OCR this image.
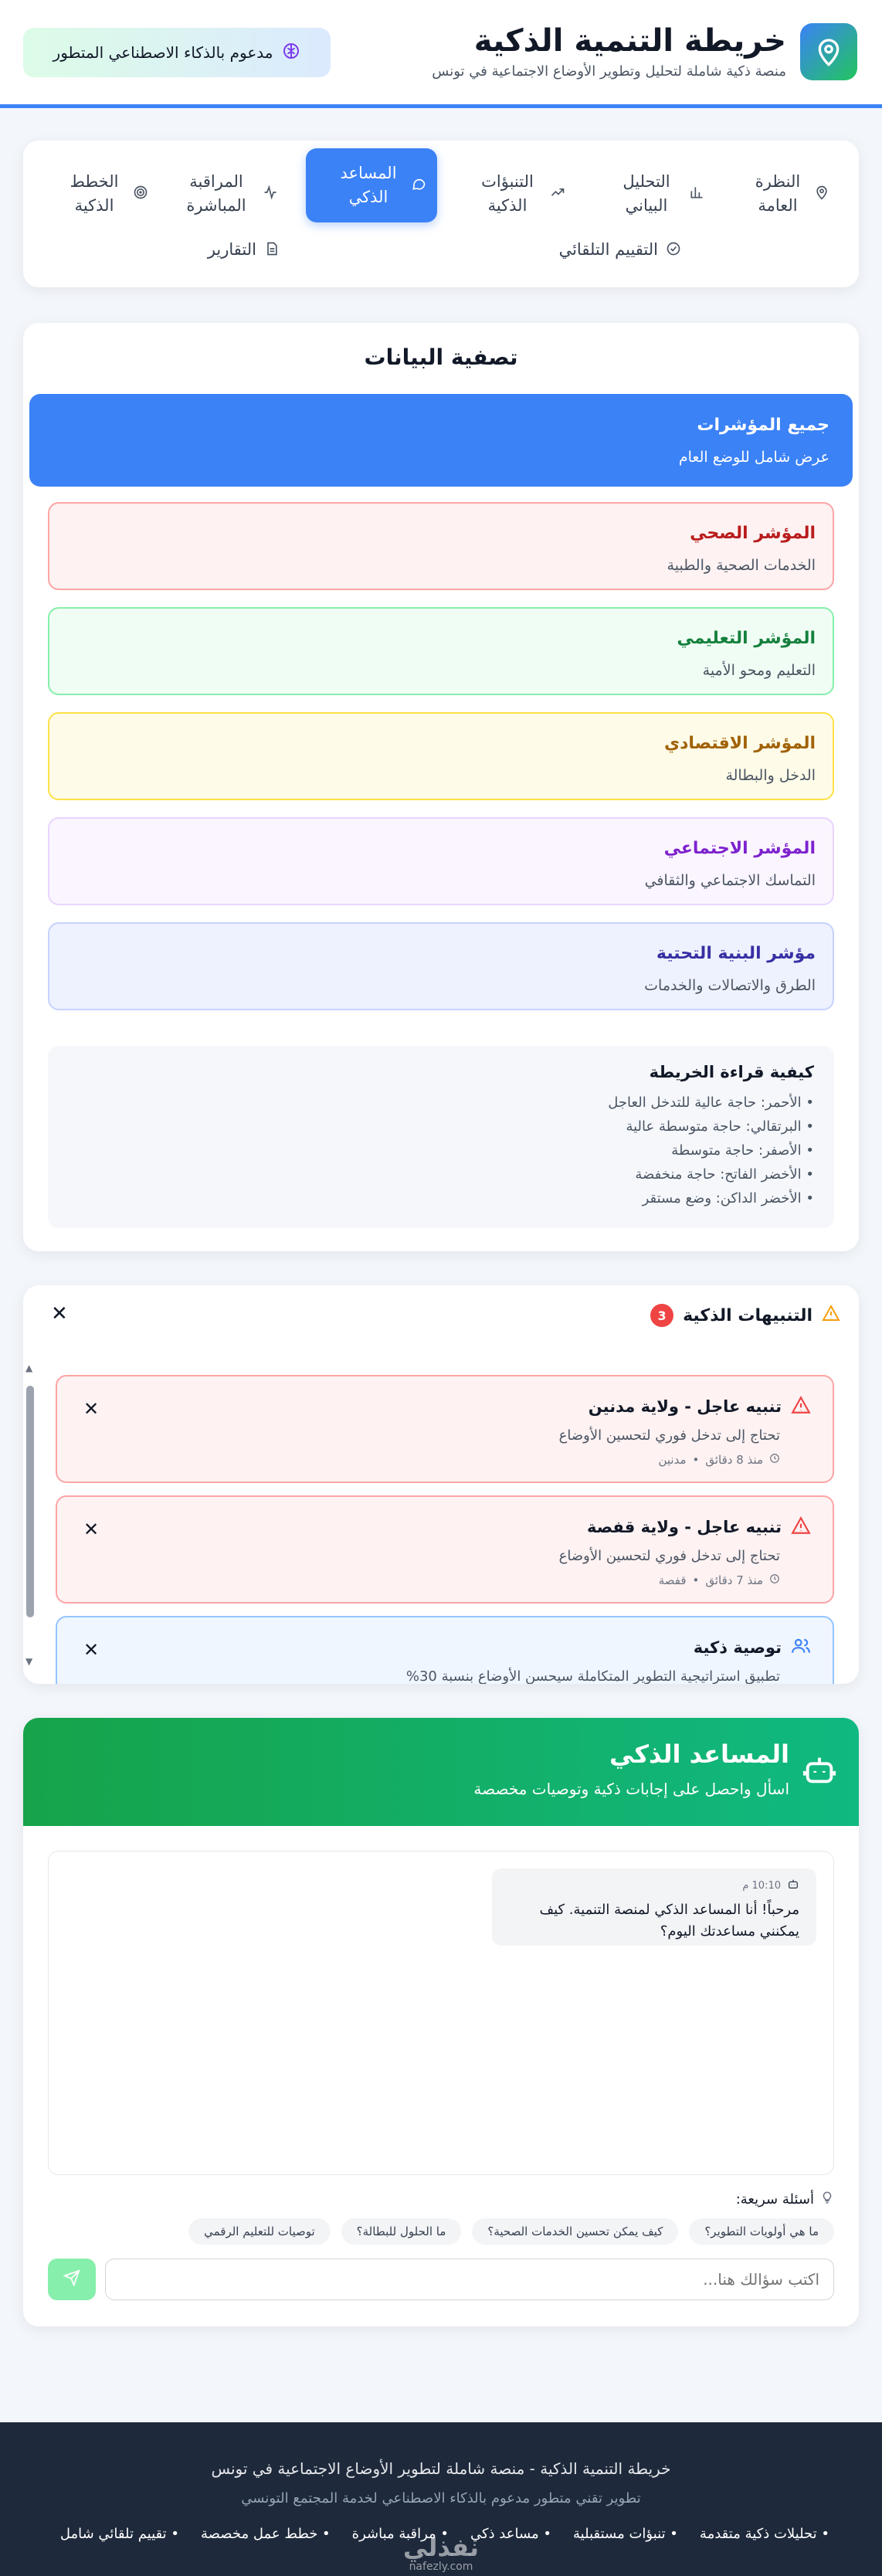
خريطة التنمية الذكية
منصة ذكية شاملة لتحليل وتطوير الأوضاع الاجتماعية في تونس
مدعوم بالذكاء الاصطناعي المتطور
النظرة العامة
التحليل البياني
التنبؤات الذكية
المساعد الذكي
المراقبة المباشرة
الخطط الذكية
التقييم التلقائي
التقارير
تصفية البيانات
جميع المؤشرات
عرض شامل للوضع العام
المؤشر الصحي
الخدمات الصحية والطبية
المؤشر التعليمي
التعليم ومحو الأمية
المؤشر الاقتصادي
الدخل والبطالة
المؤشر الاجتماعي
التماسك الاجتماعي والثقافي
مؤشر البنية التحتية
الطرق والاتصالات والخدمات
كيفية قراءة الخريطة
• الأحمر: حاجة عالية للتدخل العاجل
• البرتقالي: حاجة متوسطة عالية
• الأصفر: حاجة متوسطة
• الأخضر الفاتح: حاجة منخفضة
• الأخضر الداكن: وضع مستقر
التنبيهات الذكية
3
✕
▲
▼
تنبيه عاجل - ولاية مدنين
تحتاج إلى تدخل فوري لتحسين الأوضاع
منذ 8 دقائق
•
مدنين
✕
تنبيه عاجل - ولاية قفصة
تحتاج إلى تدخل فوري لتحسين الأوضاع
منذ 7 دقائق
•
قفصة
✕
توصية ذكية
تطبيق استراتيجية التطوير المتكاملة سيحسن الأوضاع بنسبة 30%
✕
المساعد الذكي
اسأل واحصل على إجابات ذكية وتوصيات مخصصة
10:10 م
مرحباً! أنا المساعد الذكي لمنصة التنمية. كيف يمكنني مساعدتك اليوم؟
أسئلة سريعة:
ما هي أولويات التطوير؟
كيف يمكن تحسين الخدمات الصحية؟
ما الحلول للبطالة؟
توصيات للتعليم الرقمي
اكتب سؤالك هنا...
خريطة التنمية الذكية - منصة شاملة لتطوير الأوضاع الاجتماعية في تونس
تطوير تقني متطور مدعوم بالذكاء الاصطناعي لخدمة المجتمع التونسي
• تحليلات ذكية متقدمة
• تنبؤات مستقبلية
• مساعد ذكي
• مراقبة مباشرة
• خطط عمل مخصصة
• تقييم تلقائي شامل	نفذلي
nafezly.com
